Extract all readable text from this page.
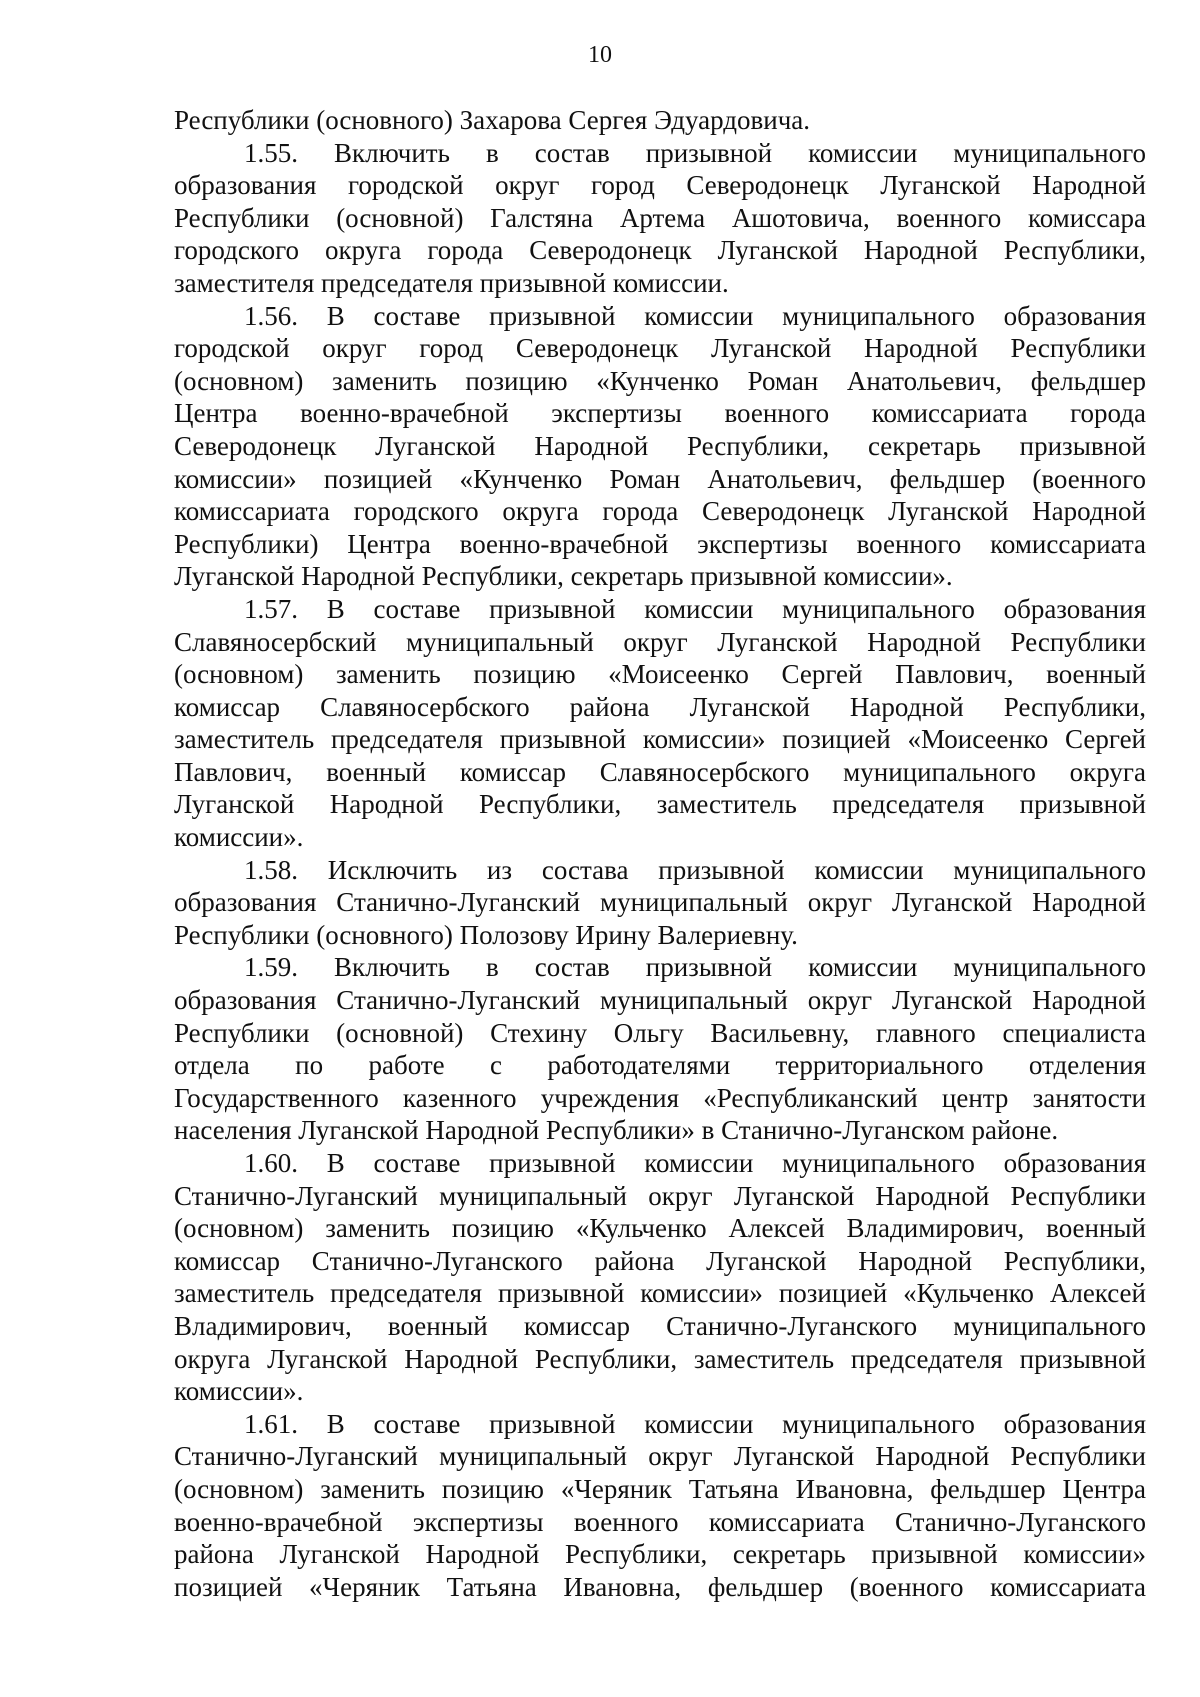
10
Республики (основного) Захарова Сергея Эдуардовича.
1.55. Включить в состав призывной комиссии муниципального
образования городской округ город Северодонецк Луганской Народной
Республики (основной) Галстяна Артема Ашотовича, военного комиссара
городского округа города Северодонецк Луганской Народной Республики,
заместителя председателя призывной комиссии.
1.56. В составе призывной комиссии муниципального образования
городской округ город Северодонецк Луганской Народной Республики
(основном) заменить позицию «Кунченко Роман Анатольевич, фельдшер
Центра военно-врачебной экспертизы военного комиссариата города
Северодонецк Луганской Народной Республики, секретарь призывной
комиссии» позицией «Кунченко Роман Анатольевич, фельдшер (военного
комиссариата городского округа города Северодонецк Луганской Народной
Республики) Центра военно-врачебной экспертизы военного комиссариата
Луганской Народной Республики, секретарь призывной комиссии».
1.57. В составе призывной комиссии муниципального образования
Славяносербский муниципальный округ Луганской Народной Республики
(основном) заменить позицию «Моисеенко Сергей Павлович, военный
комиссар Славяносербского района Луганской Народной Республики,
заместитель председателя призывной комиссии» позицией «Моисеенко Сергей
Павлович, военный комиссар Славяносербского муниципального округа
Луганской Народной Республики, заместитель председателя призывной
комиссии».
1.58. Исключить из состава призывной комиссии муниципального
образования Станично-Луганский муниципальный округ Луганской Народной
Республики (основного) Полозову Ирину Валериевну.
1.59. Включить в состав призывной комиссии муниципального
образования Станично-Луганский муниципальный округ Луганской Народной
Республики (основной) Стехину Ольгу Васильевну, главного специалиста
отдела по работе с работодателями территориального отделения
Государственного казенного учреждения «Республиканский центр занятости
населения Луганской Народной Республики» в Станично-Луганском районе.
1.60. В составе призывной комиссии муниципального образования
Станично-Луганский муниципальный округ Луганской Народной Республики
(основном) заменить позицию «Кульченко Алексей Владимирович, военный
комиссар Станично-Луганского района Луганской Народной Республики,
заместитель председателя призывной комиссии» позицией «Кульченко Алексей
Владимирович, военный комиссар Станично-Луганского муниципального
округа Луганской Народной Республики, заместитель председателя призывной
комиссии».
1.61. В составе призывной комиссии муниципального образования
Станично-Луганский муниципальный округ Луганской Народной Республики
(основном) заменить позицию «Черяник Татьяна Ивановна, фельдшер Центра
военно-врачебной экспертизы военного комиссариата Станично-Луганского
района Луганской Народной Республики, секретарь призывной комиссии»
позицией «Черяник Татьяна Ивановна, фельдшер (военного комиссариата
